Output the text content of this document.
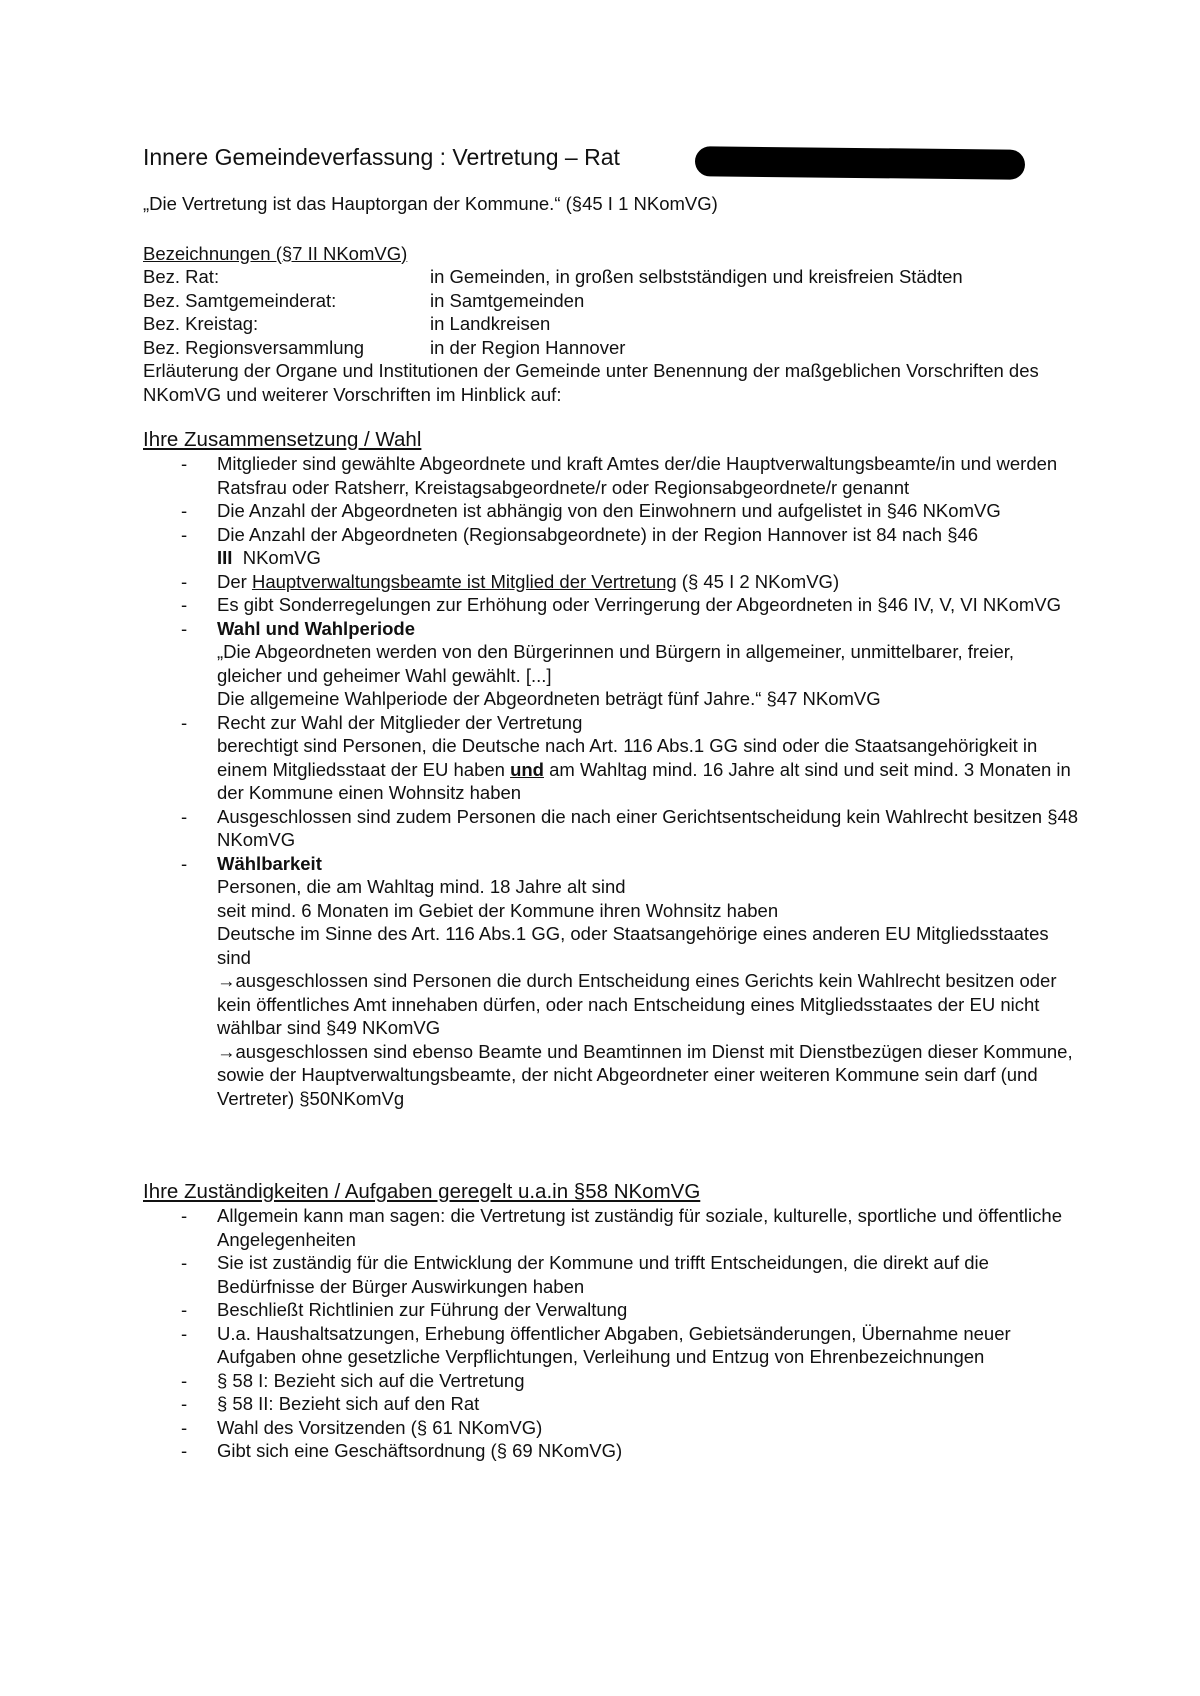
Innere Gemeindeverfassung : Vertretung – Rat
„Die Vertretung ist das Hauptorgan der Kommune.“ (§45 I 1 NKomVG)
Bezeichnungen (§7 II NKomVG)
Bez. Rat:	in Gemeinden, in großen selbstständigen und kreisfreien Städten
Bez. Samtgemeinderat:	in Samtgemeinden
Bez. Kreistag:	in Landkreisen
Bez. Regionsversammlung	in der Region Hannover
Erläuterung der Organe und Institutionen der Gemeinde unter Benennung der maßgeblichen Vorschriften des NKomVG und weiterer Vorschriften im Hinblick auf:
Ihre Zusammensetzung / Wahl
- Mitglieder sind gewählte Abgeordnete und kraft Amtes der/die Hauptverwaltungsbeamte/in und werden Ratsfrau oder Ratsherr, Kreistagsabgeordnete/r oder Regionsabgeordnete/r genannt
- Die Anzahl der Abgeordneten ist abhängig von den Einwohnern und aufgelistet in §46 NKomVG
- Die Anzahl der Abgeordneten (Regionsabgeordnete) in der Region Hannover ist 84 nach §46
III NKomVG
- Der Hauptverwaltungsbeamte ist Mitglied der Vertretung (§ 45 I 2 NKomVG)
- Es gibt Sonderregelungen zur Erhöhung oder Verringerung der Abgeordneten in §46 IV, V, VI NKomVG
- Wahl und Wahlperiode
„Die Abgeordneten werden von den Bürgerinnen und Bürgern in allgemeiner, unmittelbarer, freier, gleicher und geheimer Wahl gewählt. [...]
Die allgemeine Wahlperiode der Abgeordneten beträgt fünf Jahre.“ §47 NKomVG
- Recht zur Wahl der Mitglieder der Vertretung
berechtigt sind Personen, die Deutsche nach Art. 116 Abs.1 GG sind oder die Staatsangehörigkeit in einem Mitgliedsstaat der EU haben und am Wahltag mind. 16 Jahre alt sind und seit mind. 3 Monaten in der Kommune einen Wohnsitz haben
- Ausgeschlossen sind zudem Personen die nach einer Gerichtsentscheidung kein Wahlrecht besitzen §48 NKomVG
- Wählbarkeit
Personen, die am Wahltag mind. 18 Jahre alt sind
seit mind. 6 Monaten im Gebiet der Kommune ihren Wohnsitz haben
Deutsche im Sinne des Art. 116 Abs.1 GG, oder Staatsangehörige eines anderen EU Mitgliedsstaates sind
→ausgeschlossen sind Personen die durch Entscheidung eines Gerichts kein Wahlrecht besitzen oder kein öffentliches Amt innehaben dürfen, oder nach Entscheidung eines Mitgliedsstaates der EU nicht wählbar sind §49 NKomVG
→ausgeschlossen sind ebenso Beamte und Beamtinnen im Dienst mit Dienstbezügen dieser Kommune, sowie der Hauptverwaltungsbeamte, der nicht Abgeordneter einer weiteren Kommune sein darf (und Vertreter) §50NKomVg
Ihre Zuständigkeiten / Aufgaben geregelt u.a.in §58 NKomVG
- Allgemein kann man sagen: die Vertretung ist zuständig für soziale, kulturelle, sportliche und öffentliche Angelegenheiten
- Sie ist zuständig für die Entwicklung der Kommune und trifft Entscheidungen, die direkt auf die Bedürfnisse der Bürger Auswirkungen haben
- Beschließt Richtlinien zur Führung der Verwaltung
- U.a. Haushaltsatzungen, Erhebung öffentlicher Abgaben, Gebietsänderungen, Übernahme neuer Aufgaben ohne gesetzliche Verpflichtungen, Verleihung und Entzug von Ehrenbezeichnungen
- § 58 I: Bezieht sich auf die Vertretung
- § 58 II: Bezieht sich auf den Rat
- Wahl des Vorsitzenden (§ 61 NKomVG)
- Gibt sich eine Geschäftsordnung (§ 69 NKomVG)
